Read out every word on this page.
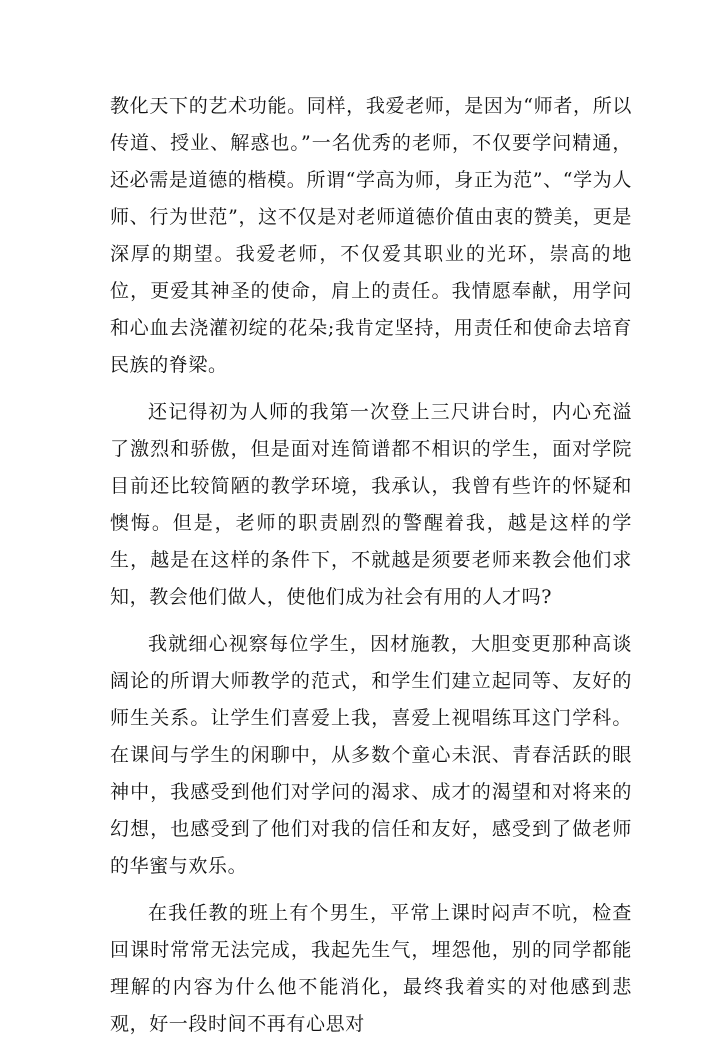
教化天下的艺术功能。同样，我爱老师，是因为“师者，所以传道、授业、解惑也。”一名优秀的老师，不仅要学问精通，还必需是道德的楷模。所谓“学高为师，身正为范”、“学为人师、行为世范”，这不仅是对老师道德价值由衷的赞美，更是深厚的期望。我爱老师，不仅爱其职业的光环，崇高的地位，更爱其神圣的使命，肩上的责任。我情愿奉献，用学问和心血去浇灌初绽的花朵;我肯定坚持，用责任和使命去培育民族的脊梁。

还记得初为人师的我第一次登上三尺讲台时，内心充溢了激烈和骄傲，但是面对连简谱都不相识的学生，面对学院目前还比较简陋的教学环境，我承认，我曾有些许的怀疑和懊悔。但是，老师的职责剧烈的警醒着我，越是这样的学生，越是在这样的条件下，不就越是须要老师来教会他们求知，教会他们做人，使他们成为社会有用的人才吗?

我就细心视察每位学生，因材施教，大胆变更那种高谈阔论的所谓大师教学的范式，和学生们建立起同等、友好的师生关系。让学生们喜爱上我，喜爱上视唱练耳这门学科。在课间与学生的闲聊中，从多数个童心未泯、青春活跃的眼神中，我感受到他们对学问的渴求、成才的渴望和对将来的幻想，也感受到了他们对我的信任和友好，感受到了做老师的华蜜与欢乐。

在我任教的班上有个男生，平常上课时闷声不吭，检查回课时常常无法完成，我起先生气，埋怨他，别的同学都能理解的内容为什么他不能消化，最终我着实的对他感到悲观，好一段时间不再有心思对
